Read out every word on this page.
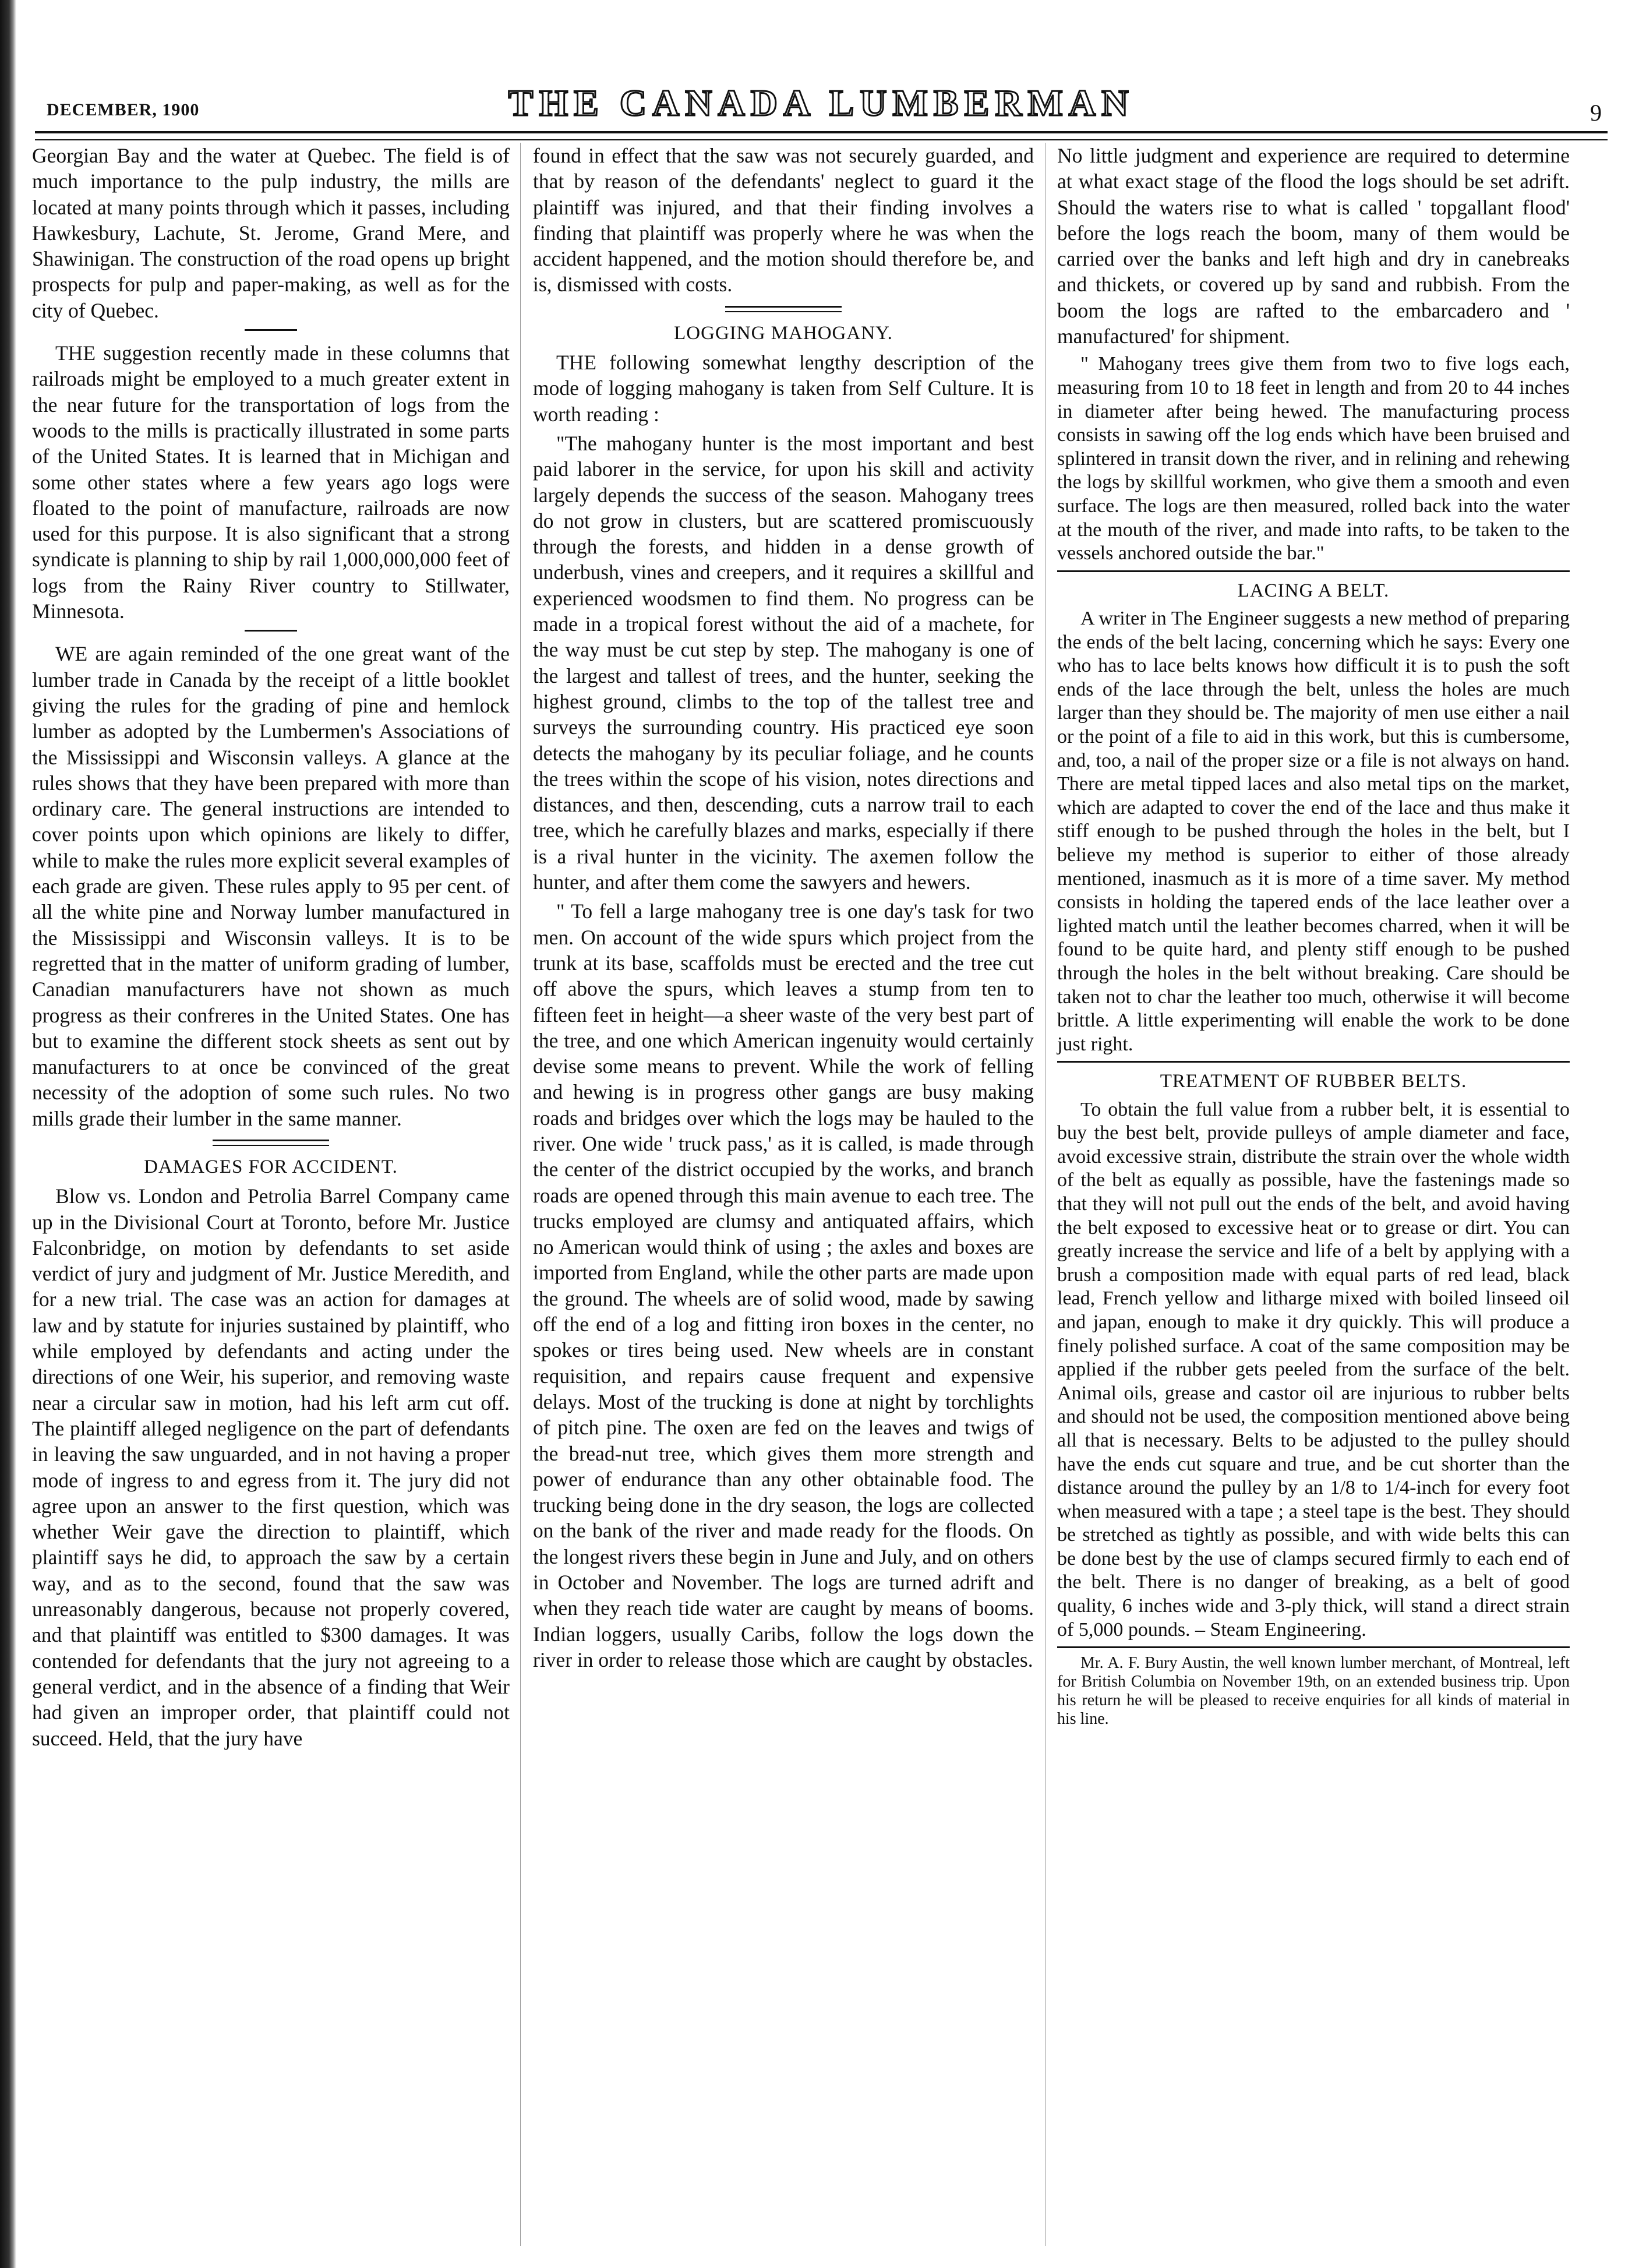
DECEMBER, 1900	THE CANADA LUMBERMAN	9

Georgian Bay and the water at Quebec. The field is of much importance to the pulp industry, the mills are located at many points through which it passes, including Hawkesbury, Lachute, St. Jerome, Grand Mere, and Shawinigan. The construction of the road opens up bright prospects for pulp and paper-making, as well as for the city of Quebec.

THE suggestion recently made in these columns that railroads might be employed to a much greater extent in the near future for the transportation of logs from the woods to the mills is practically illustrated in some parts of the United States. It is learned that in Michigan and some other states where a few years ago logs were floated to the point of manufacture, railroads are now used for this purpose. It is also significant that a strong syndicate is planning to ship by rail 1,000,000,000 feet of logs from the Rainy River country to Stillwater, Minnesota.

WE are again reminded of the one great want of the lumber trade in Canada by the receipt of a little booklet giving the rules for the grading of pine and hemlock lumber as adopted by the Lumbermen's Associations of the Mississippi and Wisconsin valleys. A glance at the rules shows that they have been prepared with more than ordinary care. The general instructions are intended to cover points upon which opinions are likely to differ, while to make the rules more explicit several examples of each grade are given. These rules apply to 95 per cent. of all the white pine and Norway lumber manufactured in the Mississippi and Wisconsin valleys. It is to be regretted that in the matter of uniform grading of lumber, Canadian manufacturers have not shown as much progress as their confreres in the United States. One has but to examine the different stock sheets as sent out by manufacturers to at once be convinced of the great necessity of the adoption of some such rules. No two mills grade their lumber in the same manner.

DAMAGES FOR ACCIDENT.

Blow vs. London and Petrolia Barrel Company came up in the Divisional Court at Toronto, before Mr. Justice Falconbridge, on motion by defendants to set aside verdict of jury and judgment of Mr. Justice Meredith, and for a new trial. The case was an action for damages at law and by statute for injuries sustained by plaintiff, who while employed by defendants and acting under the directions of one Weir, his superior, and removing waste near a circular saw in motion, had his left arm cut off. The plaintiff alleged negligence on the part of defendants in leaving the saw unguarded, and in not having a proper mode of ingress to and egress from it. The jury did not agree upon an answer to the first question, which was whether Weir gave the direction to plaintiff, which plaintiff says he did, to approach the saw by a certain way, and as to the second, found that the saw was unreasonably dangerous, because not properly covered, and that plaintiff was entitled to $300 damages. It was contended for defendants that the jury not agreeing to a general verdict, and in the absence of a finding that Weir had given an improper order, that plaintiff could not succeed. Held, that the jury have

found in effect that the saw was not securely guarded, and that by reason of the defendants' neglect to guard it the plaintiff was injured, and that their finding involves a finding that plaintiff was properly where he was when the accident happened, and the motion should therefore be, and is, dismissed with costs.

LOGGING MAHOGANY.

THE following somewhat lengthy description of the mode of logging mahogany is taken from Self Culture. It is worth reading :

"The mahogany hunter is the most important and best paid laborer in the service, for upon his skill and activity largely depends the success of the season. Mahogany trees do not grow in clusters, but are scattered promiscuously through the forests, and hidden in a dense growth of underbush, vines and creepers, and it requires a skillful and experienced woodsmen to find them. No progress can be made in a tropical forest without the aid of a machete, for the way must be cut step by step. The mahogany is one of the largest and tallest of trees, and the hunter, seeking the highest ground, climbs to the top of the tallest tree and surveys the surrounding country. His practiced eye soon detects the mahogany by its peculiar foliage, and he counts the trees within the scope of his vision, notes directions and distances, and then, descending, cuts a narrow trail to each tree, which he carefully blazes and marks, especially if there is a rival hunter in the vicinity. The axemen follow the hunter, and after them come the sawyers and hewers.

" To fell a large mahogany tree is one day's task for two men. On account of the wide spurs which project from the trunk at its base, scaffolds must be erected and the tree cut off above the spurs, which leaves a stump from ten to fifteen feet in height—a sheer waste of the very best part of the tree, and one which American ingenuity would certainly devise some means to prevent. While the work of felling and hewing is in progress other gangs are busy making roads and bridges over which the logs may be hauled to the river. One wide ' truck pass,' as it is called, is made through the center of the district occupied by the works, and branch roads are opened through this main avenue to each tree. The trucks employed are clumsy and antiquated affairs, which no American would think of using ; the axles and boxes are imported from England, while the other parts are made upon the ground. The wheels are of solid wood, made by sawing off the end of a log and fitting iron boxes in the center, no spokes or tires being used. New wheels are in constant requisition, and repairs cause frequent and expensive delays. Most of the trucking is done at night by torchlights of pitch pine. The oxen are fed on the leaves and twigs of the bread-nut tree, which gives them more strength and power of endurance than any other obtainable food. The trucking being done in the dry season, the logs are collected on the bank of the river and made ready for the floods. On the longest rivers these begin in June and July, and on others in October and November. The logs are turned adrift and when they reach tide water are caught by means of booms. Indian loggers, usually Caribs, follow the logs down the river in order to release those which are caught by obstacles.

No little judgment and experience are required to determine at what exact stage of the flood the logs should be set adrift. Should the waters rise to what is called ' topgallant flood' before the logs reach the boom, many of them would be carried over the banks and left high and dry in canebreaks and thickets, or covered up by sand and rubbish. From the boom the logs are rafted to the embarcadero and ' manufactured' for shipment.

" Mahogany trees give them from two to five logs each, measuring from 10 to 18 feet in length and from 20 to 44 inches in diameter after being hewed. The manufacturing process consists in sawing off the log ends which have been bruised and splintered in transit down the river, and in relining and rehewing the logs by skillful workmen, who give them a smooth and even surface. The logs are then measured, rolled back into the water at the mouth of the river, and made into rafts, to be taken to the vessels anchored outside the bar."

LACING A BELT.

A writer in The Engineer suggests a new method of preparing the ends of the belt lacing, concerning which he says: Every one who has to lace belts knows how difficult it is to push the soft ends of the lace through the belt, unless the holes are much larger than they should be. The majority of men use either a nail or the point of a file to aid in this work, but this is cumbersome, and, too, a nail of the proper size or a file is not always on hand. There are metal tipped laces and also metal tips on the market, which are adapted to cover the end of the lace and thus make it stiff enough to be pushed through the holes in the belt, but I believe my method is superior to either of those already mentioned, inasmuch as it is more of a time saver. My method consists in holding the tapered ends of the lace leather over a lighted match until the leather becomes charred, when it will be found to be quite hard, and plenty stiff enough to be pushed through the holes in the belt without breaking. Care should be taken not to char the leather too much, otherwise it will become brittle. A little experimenting will enable the work to be done just right.

TREATMENT OF RUBBER BELTS.

To obtain the full value from a rubber belt, it is essential to buy the best belt, provide pulleys of ample diameter and face, avoid excessive strain, distribute the strain over the whole width of the belt as equally as possible, have the fastenings made so that they will not pull out the ends of the belt, and avoid having the belt exposed to excessive heat or to grease or dirt. You can greatly increase the service and life of a belt by applying with a brush a composition made with equal parts of red lead, black lead, French yellow and litharge mixed with boiled linseed oil and japan, enough to make it dry quickly. This will produce a finely polished surface. A coat of the same composition may be applied if the rubber gets peeled from the surface of the belt. Animal oils, grease and castor oil are injurious to rubber belts and should not be used, the composition mentioned above being all that is necessary. Belts to be adjusted to the pulley should have the ends cut square and true, and be cut shorter than the distance around the pulley by an 1/8 to 1/4-inch for every foot when measured with a tape ; a steel tape is the best. They should be stretched as tightly as possible, and with wide belts this can be done best by the use of clamps secured firmly to each end of the belt. There is no danger of breaking, as a belt of good quality, 6 inches wide and 3-ply thick, will stand a direct strain of 5,000 pounds. – Steam Engineering.

Mr. A. F. Bury Austin, the well known lumber merchant, of Montreal, left for British Columbia on November 19th, on an extended business trip. Upon his return he will be pleased to receive enquiries for all kinds of material in his line.
